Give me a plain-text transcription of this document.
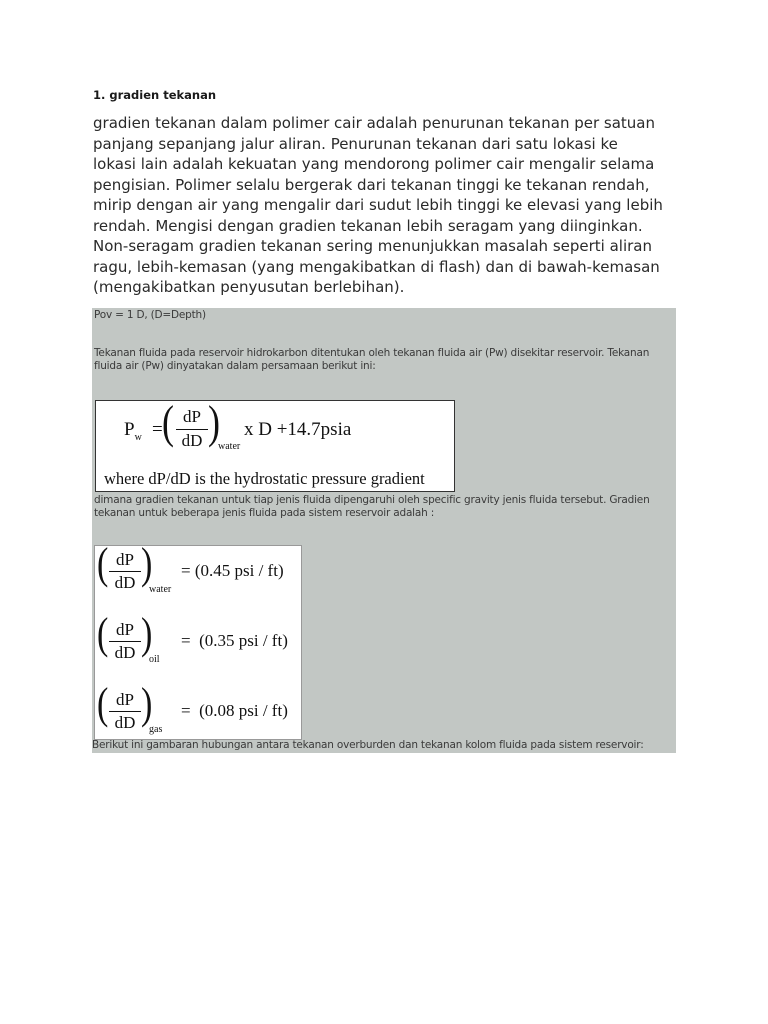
1. gradien tekanan
gradien tekanan dalam polimer cair adalah penurunan tekanan per satuan
panjang sepanjang jalur aliran. Penurunan tekanan dari satu lokasi ke
lokasi lain adalah kekuatan yang mendorong polimer cair mengalir selama
pengisian. Polimer selalu bergerak dari tekanan tinggi ke tekanan rendah,
mirip dengan air yang mengalir dari sudut lebih tinggi ke elevasi yang lebih
rendah. Mengisi dengan gradien tekanan lebih seragam yang diinginkan.
Non-seragam gradien tekanan sering menunjukkan masalah seperti aliran
ragu, lebih-kemasan (yang mengakibatkan di flash) dan di bawah-kemasan
(mengakibatkan penyusutan berlebihan).
Pov = 1 D, (D=Depth)
Tekanan fluida pada reservoir hidrokarbon ditentukan oleh tekanan fluida air (Pw) disekitar reservoir. Tekanan
fluida air (Pw) dinyatakan dalam persamaan berikut ini:
$P_w$ = ( dP
dD )
water
x D +14.7psia
where dP/dD is the hydrostatic pressure gradient
dimana gradien tekanan untuk tiap jenis fluida dipengaruhi oleh specific gravity jenis fluida tersebut. Gradien
tekanan untuk beberapa jenis fluida pada sistem reservoir adalah :
( dP
dD )
water
= (0.45 psi / ft)
( dP
dD )
oil
=  (0.35 psi / ft)
( dP
dD )
gas
=  (0.08 psi / ft)
Berikut ini gambaran hubungan antara tekanan overburden dan tekanan kolom fluida pada sistem reservoir:
